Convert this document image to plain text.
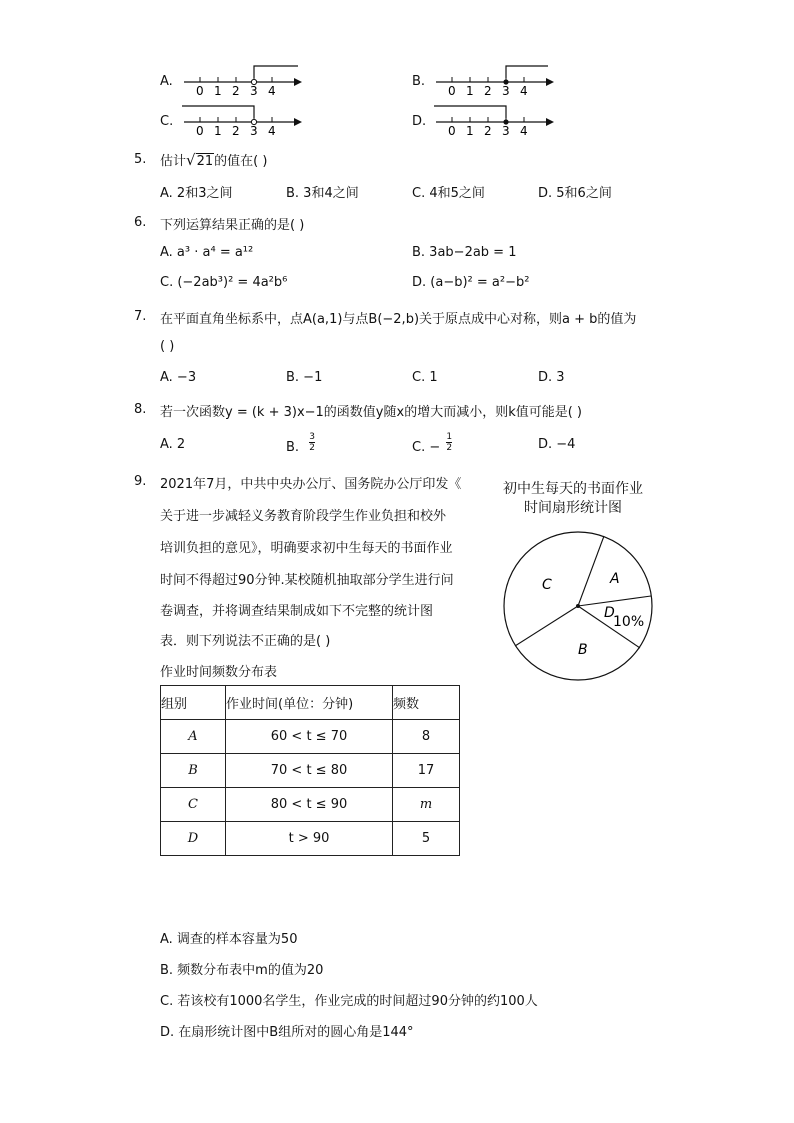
A.
0 1 2 3 4
B.
0 1 2 3 4
C.
0 1 2 3 4
D.
0 1 2 3 4
5. 估计√21的值在( )
A. 2和3之间	B. 3和4之间	C. 4和5之间	D. 5和6之间
6. 下列运算结果正确的是( )
A. a³ · a⁴ = a¹²	B. 3ab−2ab = 1
C. (−2ab³)² = 4a²b⁶	D. (a−b)² = a²−b²
7. 在平面直角坐标系中，点A(a,1)与点B(−2,b)关于原点成中心对称，则a + b的值为
( )
A. −3	B. −1	C. 1	D. 3
8. 若一次函数y = (k + 3)x−1的函数值y随x的增大而减小，则k值可能是( )
A. 2	B. $\frac{3}{2}$	C. − $\frac{1}{2}$	D. −4
9. 2021年7月，中共中央办公厅、国务院办公厅印发《
关于进一步减轻义务教育阶段学生作业负担和校外
培训负担的意见》，明确要求初中生每天的书面作业
时间不得超过90分钟.某校随机抽取部分学生进行问
卷调查，并将调查结果制成如下不完整的统计图
表．则下列说法不正确的是( )
作业时间频数分布表
组别	作业时间(单位：分钟)	频数
A	60 < t ≤ 70	8
B	70 < t ≤ 80	17
C	80 < t ≤ 90	m
D	t > 90	5
初中生每天的书面作业
时间扇形统计图
A
B
C
D
10%
A. 调查的样本容量为50
B. 频数分布表中m的值为20
C. 若该校有1000名学生，作业完成的时间超过90分钟的约100人
D. 在扇形统计图中B组所对的圆心角是144°
